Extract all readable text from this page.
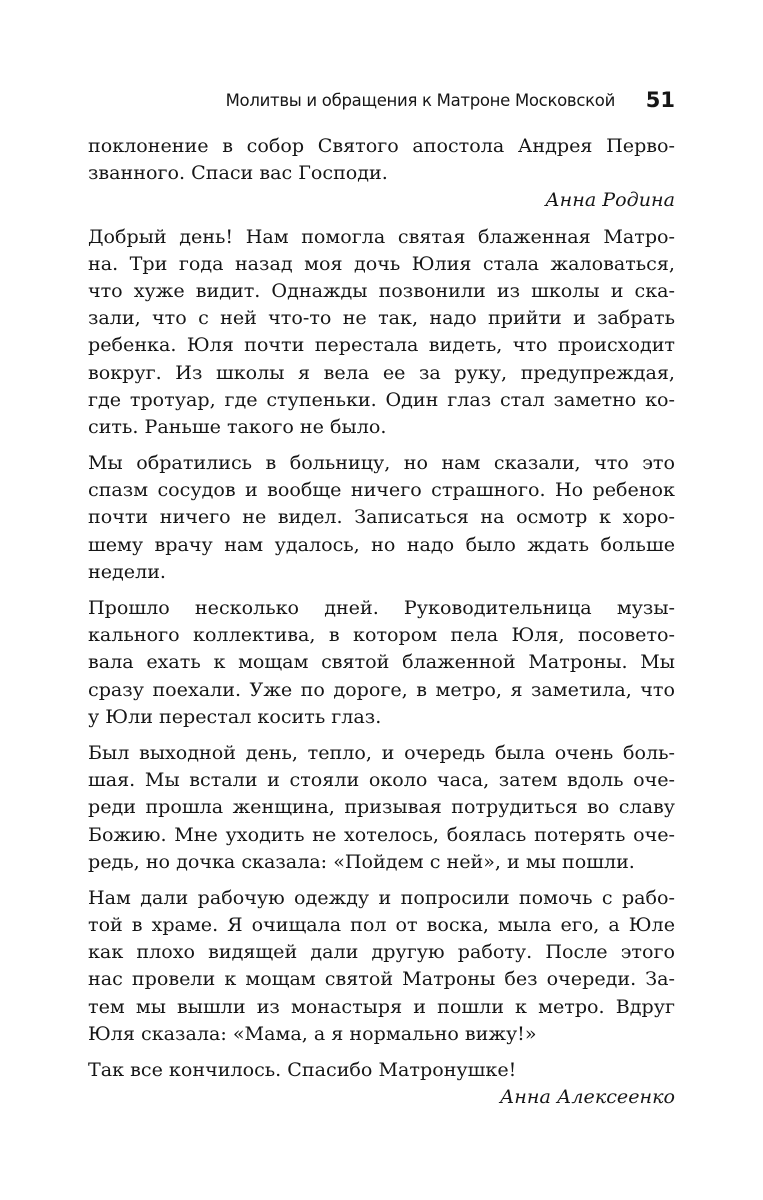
Молитвы и обращения к Матроне Московской 51
поклонение в собор Святого апостола Андрея Перво-
званного. Спаси вас Господи.
Анна Родина
Добрый день! Нам помогла святая блаженная Матро-
на. Три года назад моя дочь Юлия стала жаловаться,
что хуже видит. Однажды позвонили из школы и ска-
зали, что с ней что-то не так, надо прийти и забрать
ребенка. Юля почти перестала видеть, что происходит
вокруг. Из школы я вела ее за руку, предупреждая,
где тротуар, где ступеньки. Один глаз стал заметно ко-
сить. Раньше такого не было.
Мы обратились в больницу, но нам сказали, что это
спазм сосудов и вообще ничего страшного. Но ребенок
почти ничего не видел. Записаться на осмотр к хоро-
шему врачу нам удалось, но надо было ждать больше
недели.
Прошло несколько дней. Руководительница музы-
кального коллектива, в котором пела Юля, посовето-
вала ехать к мощам святой блаженной Матроны. Мы
сразу поехали. Уже по дороге, в метро, я заметила, что
у Юли перестал косить глаз.
Был выходной день, тепло, и очередь была очень боль-
шая. Мы встали и стояли около часа, затем вдоль оче-
реди прошла женщина, призывая потрудиться во славу
Божию. Мне уходить не хотелось, боялась потерять оче-
редь, но дочка сказала: «Пойдем с ней», и мы пошли.
Нам дали рабочую одежду и попросили помочь с рабо-
той в храме. Я очищала пол от воска, мыла его, а Юле
как плохо видящей дали другую работу. После этого
нас провели к мощам святой Матроны без очереди. За-
тем мы вышли из монастыря и пошли к метро. Вдруг
Юля сказала: «Мама, а я нормально вижу!»
Так все кончилось. Спасибо Матронушке!
Анна Алексеенко
